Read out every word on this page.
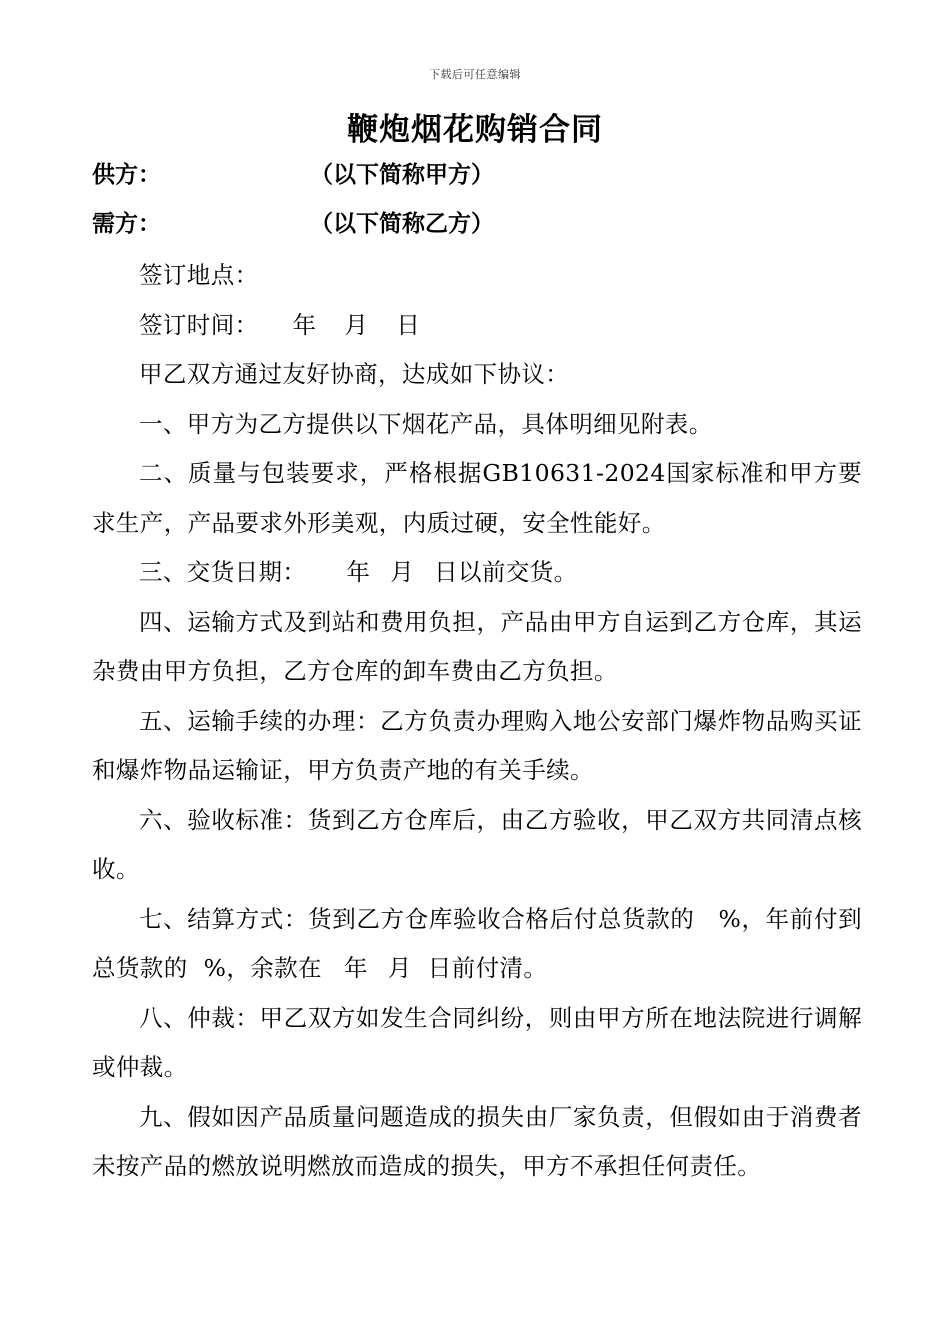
下载后可任意编辑
鞭炮烟花购销合同
供方：	（以下简称甲方）
需方：	（以下简称乙方）

签订地点：

签订时间： 年 月 日

甲乙双方通过友好协商，达成如下协议：

一、甲方为乙方提供以下烟花产品，具体明细见附表。

二、质量与包装要求，严格根据GB10631-2024国家标准和甲方要求生产，产品要求外形美观，内质过硬，安全性能好。

三、交货日期： 年 月 日以前交货。

四、运输方式及到站和费用负担，产品由甲方自运到乙方仓库，其运杂费由甲方负担，乙方仓库的卸车费由乙方负担。

五、运输手续的办理：乙方负责办理购入地公安部门爆炸物品购买证和爆炸物品运输证，甲方负责产地的有关手续。

六、验收标准：货到乙方仓库后，由乙方验收，甲乙双方共同清点核收。

七、结算方式：货到乙方仓库验收合格后付总货款的 %，年前付到总货款的 %，余款在 年 月 日前付清。

八、仲裁：甲乙双方如发生合同纠纷，则由甲方所在地法院进行调解或仲裁。

九、假如因产品质量问题造成的损失由厂家负责，但假如由于消费者未按产品的燃放说明燃放而造成的损失，甲方不承担任何责任。
